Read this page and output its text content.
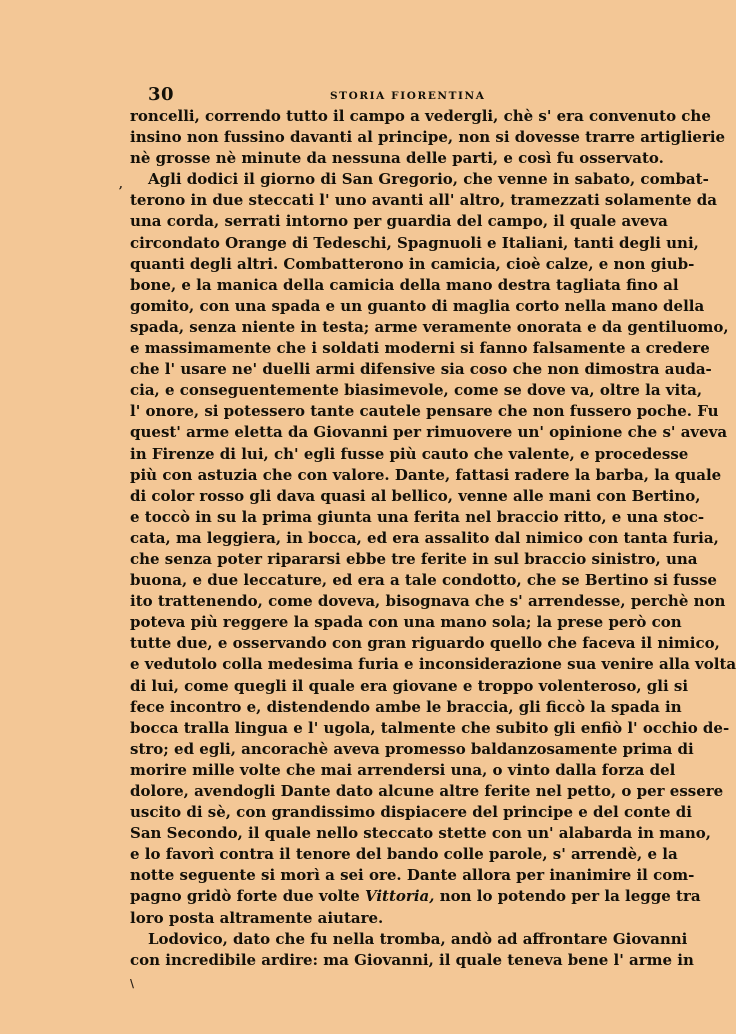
30	STORIA FIORENTINA
,
\
roncelli, correndo tutto il campo a vedergli, chè s' era convenuto che
insino non fussino davanti al principe, non si dovesse trarre artiglierie
nè grosse nè minute da nessuna delle parti, e così fu osservato.
Agli dodici il giorno di San Gregorio, che venne in sabato, combat-
terono in due steccati l' uno avanti all' altro, tramezzati solamente da
una corda, serrati intorno per guardia del campo, il quale aveva
circondato Orange di Tedeschi, Spagnuoli e Italiani, tanti degli uni,
quanti degli altri. Combatterono in camicia, cioè calze, e non giub-
bone, e la manica della camicia della mano destra tagliata fino al
gomito, con una spada e un guanto di maglia corto nella mano della
spada, senza niente in testa; arme veramente onorata e da gentiluomo,
e massimamente che i soldati moderni si fanno falsamente a credere
che l' usare ne' duelli armi difensive sia coso che non dimostra auda-
cia, e conseguentemente biasimevole, come se dove va, oltre la vita,
l' onore, si potessero tante cautele pensare che non fussero poche. Fu
quest' arme eletta da Giovanni per rimuovere un' opinione che s' aveva
in Firenze di lui, ch' egli fusse più cauto che valente, e procedesse
più con astuzia che con valore. Dante, fattasi radere la barba, la quale
di color rosso gli dava quasi al bellico, venne alle mani con Bertino,
e toccò in su la prima giunta una ferita nel braccio ritto, e una stoc-
cata, ma leggiera, in bocca, ed era assalito dal nimico con tanta furia,
che senza poter ripararsi ebbe tre ferite in sul braccio sinistro, una
buona, e due leccature, ed era a tale condotto, che se Bertino si fusse
ito trattenendo, come doveva, bisognava che s' arrendesse, perchè non
poteva più reggere la spada con una mano sola; la prese però con
tutte due, e osservando con gran riguardo quello che faceva il nimico,
e vedutolo colla medesima furia e inconsiderazione sua venire alla volta
di lui, come quegli il quale era giovane e troppo volenteroso, gli si
fece incontro e, distendendo ambe le braccia, gli ficcò la spada in
bocca tralla lingua e l' ugola, talmente che subito gli enfiò l' occhio de-
stro; ed egli, ancorachè aveva promesso baldanzosamente prima di
morire mille volte che mai arrendersi una, o vinto dalla forza del
dolore, avendogli Dante dato alcune altre ferite nel petto, o per essere
uscito di sè, con grandissimo dispiacere del principe e del conte di
San Secondo, il quale nello steccato stette con un' alabarda in mano,
e lo favorì contra il tenore del bando colle parole, s' arrendè, e la
notte seguente si morì a sei ore. Dante allora per inanimire il com-
pagno gridò forte due volte Vittoria, non lo potendo per la legge tra
loro posta altramente aiutare.
Lodovico, dato che fu nella tromba, andò ad affrontare Giovanni
con incredibile ardire: ma Giovanni, il quale teneva bene l' arme in
